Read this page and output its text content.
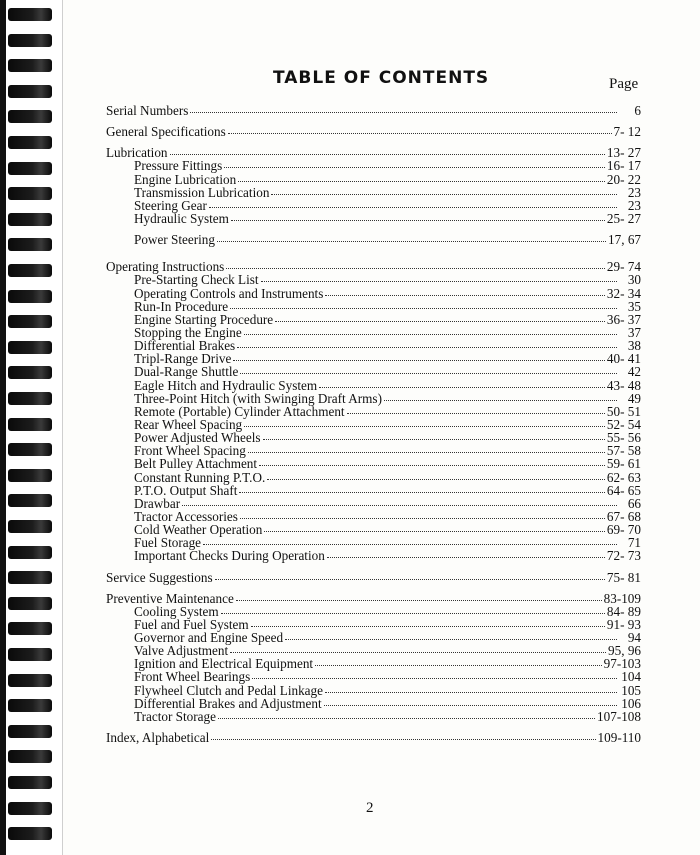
TABLE OF CONTENTS	Page
Serial Numbers	6
General Specifications	7- 12
Lubrication	13- 27
Pressure Fittings	16- 17
Engine Lubrication	20- 22
Transmission Lubrication	23
Steering Gear	23
Hydraulic System	25- 27
Power Steering	17, 67
Operating Instructions	29- 74
Pre-Starting Check List	30
Operating Controls and Instruments	32- 34
Run-In Procedure	35
Engine Starting Procedure	36- 37
Stopping the Engine	37
Differential Brakes	38
Tripl-Range Drive	40- 41
Dual-Range Shuttle	42
Eagle Hitch and Hydraulic System	43- 48
Three-Point Hitch (with Swinging Draft Arms)	49
Remote (Portable) Cylinder Attachment	50- 51
Rear Wheel Spacing	52- 54
Power Adjusted Wheels	55- 56
Front Wheel Spacing	57- 58
Belt Pulley Attachment	59- 61
Constant Running P.T.O.	62- 63
P.T.O. Output Shaft	64- 65
Drawbar	66
Tractor Accessories	67- 68
Cold Weather Operation	69- 70
Fuel Storage	71
Important Checks During Operation	72- 73
Service Suggestions	75- 81
Preventive Maintenance	83-109
Cooling System	84- 89
Fuel and Fuel System	91- 93
Governor and Engine Speed	94
Valve Adjustment	95, 96
Ignition and Electrical Equipment	97-103
Front Wheel Bearings	104
Flywheel Clutch and Pedal Linkage	105
Differential Brakes and Adjustment	106
Tractor Storage	107-108
Index, Alphabetical	109-110
2
